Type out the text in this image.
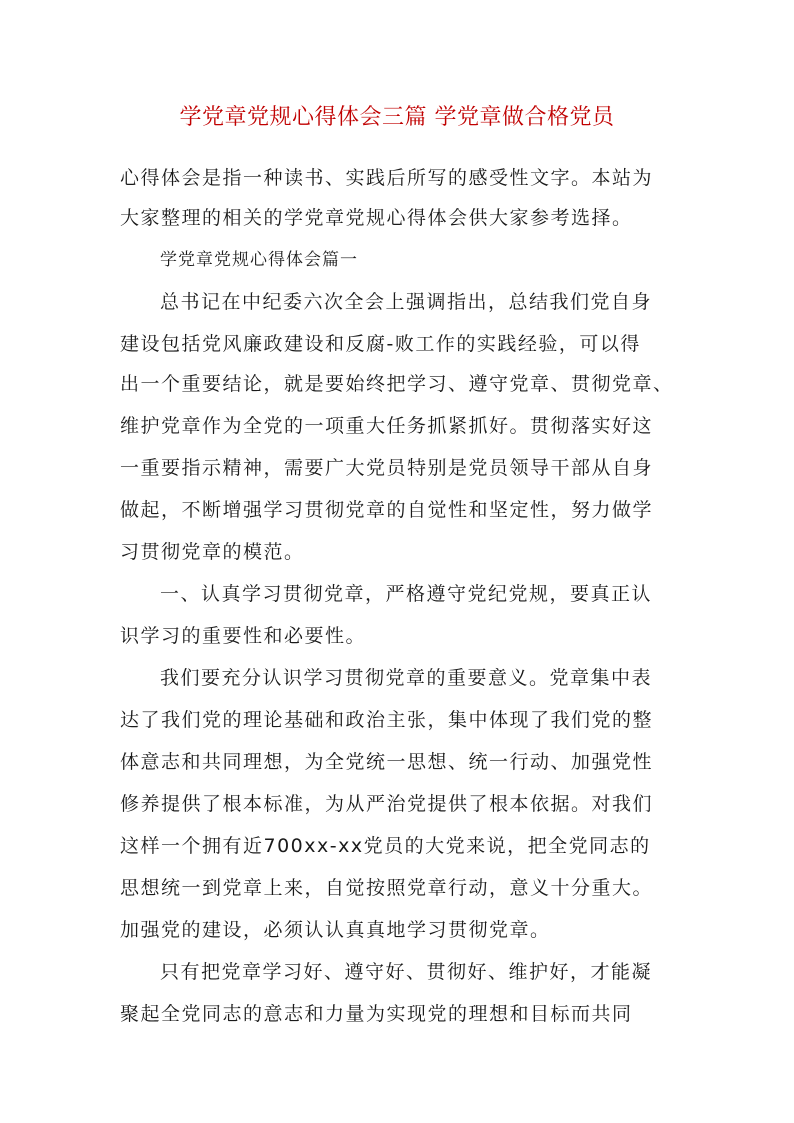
学党章党规心得体会三篇 学党章做合格党员
心得体会是指一种读书、实践后所写的感受性文字。本站为
大家整理的相关的学党章党规心得体会供大家参考选择。
学党章党规心得体会篇一
总书记在中纪委六次全会上强调指出，总结我们党自身
建设包括党风廉政建设和反腐-败工作的实践经验，可以得
出一个重要结论，就是要始终把学习、遵守党章、贯彻党章、
维护党章作为全党的一项重大任务抓紧抓好。贯彻落实好这
一重要指示精神，需要广大党员特别是党员领导干部从自身
做起，不断增强学习贯彻党章的自觉性和坚定性，努力做学
习贯彻党章的模范。
一、认真学习贯彻党章，严格遵守党纪党规，要真正认
识学习的重要性和必要性。
我们要充分认识学习贯彻党章的重要意义。党章集中表
达了我们党的理论基础和政治主张，集中体现了我们党的整
体意志和共同理想，为全党统一思想、统一行动、加强党性
修养提供了根本标准，为从严治党提供了根本依据。对我们
这样一个拥有近700xx-xx党员的大党来说，把全党同志的
思想统一到党章上来，自觉按照党章行动，意义十分重大。
加强党的建设，必须认认真真地学习贯彻党章。
只有把党章学习好、遵守好、贯彻好、维护好，才能凝
聚起全党同志的意志和力量为实现党的理想和目标而共同
